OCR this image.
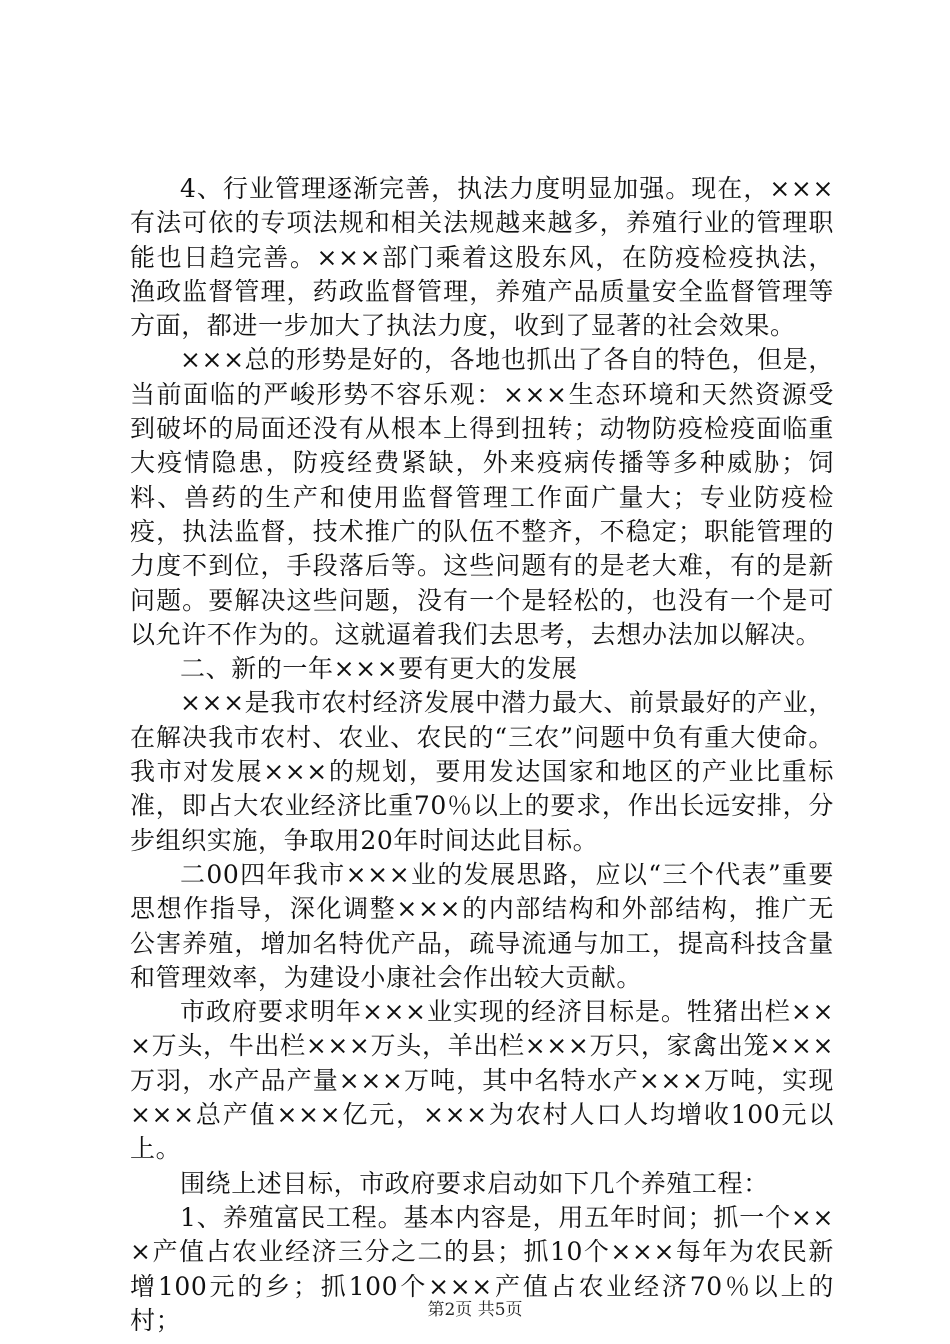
4、行业管理逐渐完善，执法力度明显加强。现在，×××有法可依的专项法规和相关法规越来越多，养殖行业的管理职能也日趋完善。×××部门乘着这股东风，在防疫检疫执法，渔政监督管理，药政监督管理，养殖产品质量安全监督管理等方面，都进一步加大了执法力度，收到了显著的社会效果。

×××总的形势是好的，各地也抓出了各自的特色，但是，当前面临的严峻形势不容乐观：×××生态环境和天然资源受到破坏的局面还没有从根本上得到扭转；动物防疫检疫面临重大疫情隐患，防疫经费紧缺，外来疫病传播等多种威胁；饲料、兽药的生产和使用监督管理工作面广量大；专业防疫检疫，执法监督，技术推广的队伍不整齐，不稳定；职能管理的力度不到位，手段落后等。这些问题有的是老大难，有的是新问题。要解决这些问题，没有一个是轻松的，也没有一个是可以允许不作为的。这就逼着我们去思考，去想办法加以解决。

二、新的一年×××要有更大的发展

×××是我市农村经济发展中潜力最大、前景最好的产业，在解决我市农村、农业、农民的“三农”问题中负有重大使命。我市对发展×××的规划，要用发达国家和地区的产业比重标准，即占大农业经济比重70％以上的要求，作出长远安排，分步组织实施，争取用20年时间达此目标。

二00四年我市×××业的发展思路，应以“三个代表”重要思想作指导，深化调整×××的内部结构和外部结构，推广无公害养殖，增加名特优产品，疏导流通与加工，提高科技含量和管理效率，为建设小康社会作出较大贡献。

市政府要求明年×××业实现的经济目标是。牲猪出栏×××万头，牛出栏×××万头，羊出栏×××万只，家禽出笼×××万羽，水产品产量×××万吨，其中名特水产×××万吨，实现×××总产值×××亿元，×××为农村人口人均增收100元以上。

围绕上述目标，市政府要求启动如下几个养殖工程：

1、养殖富民工程。基本内容是，用五年时间；抓一个×××产值占农业经济三分之二的县；抓10个×××每年为农民新增100元的乡；抓100个×××产值占农业经济70％以上的村；	第2页 共5页
